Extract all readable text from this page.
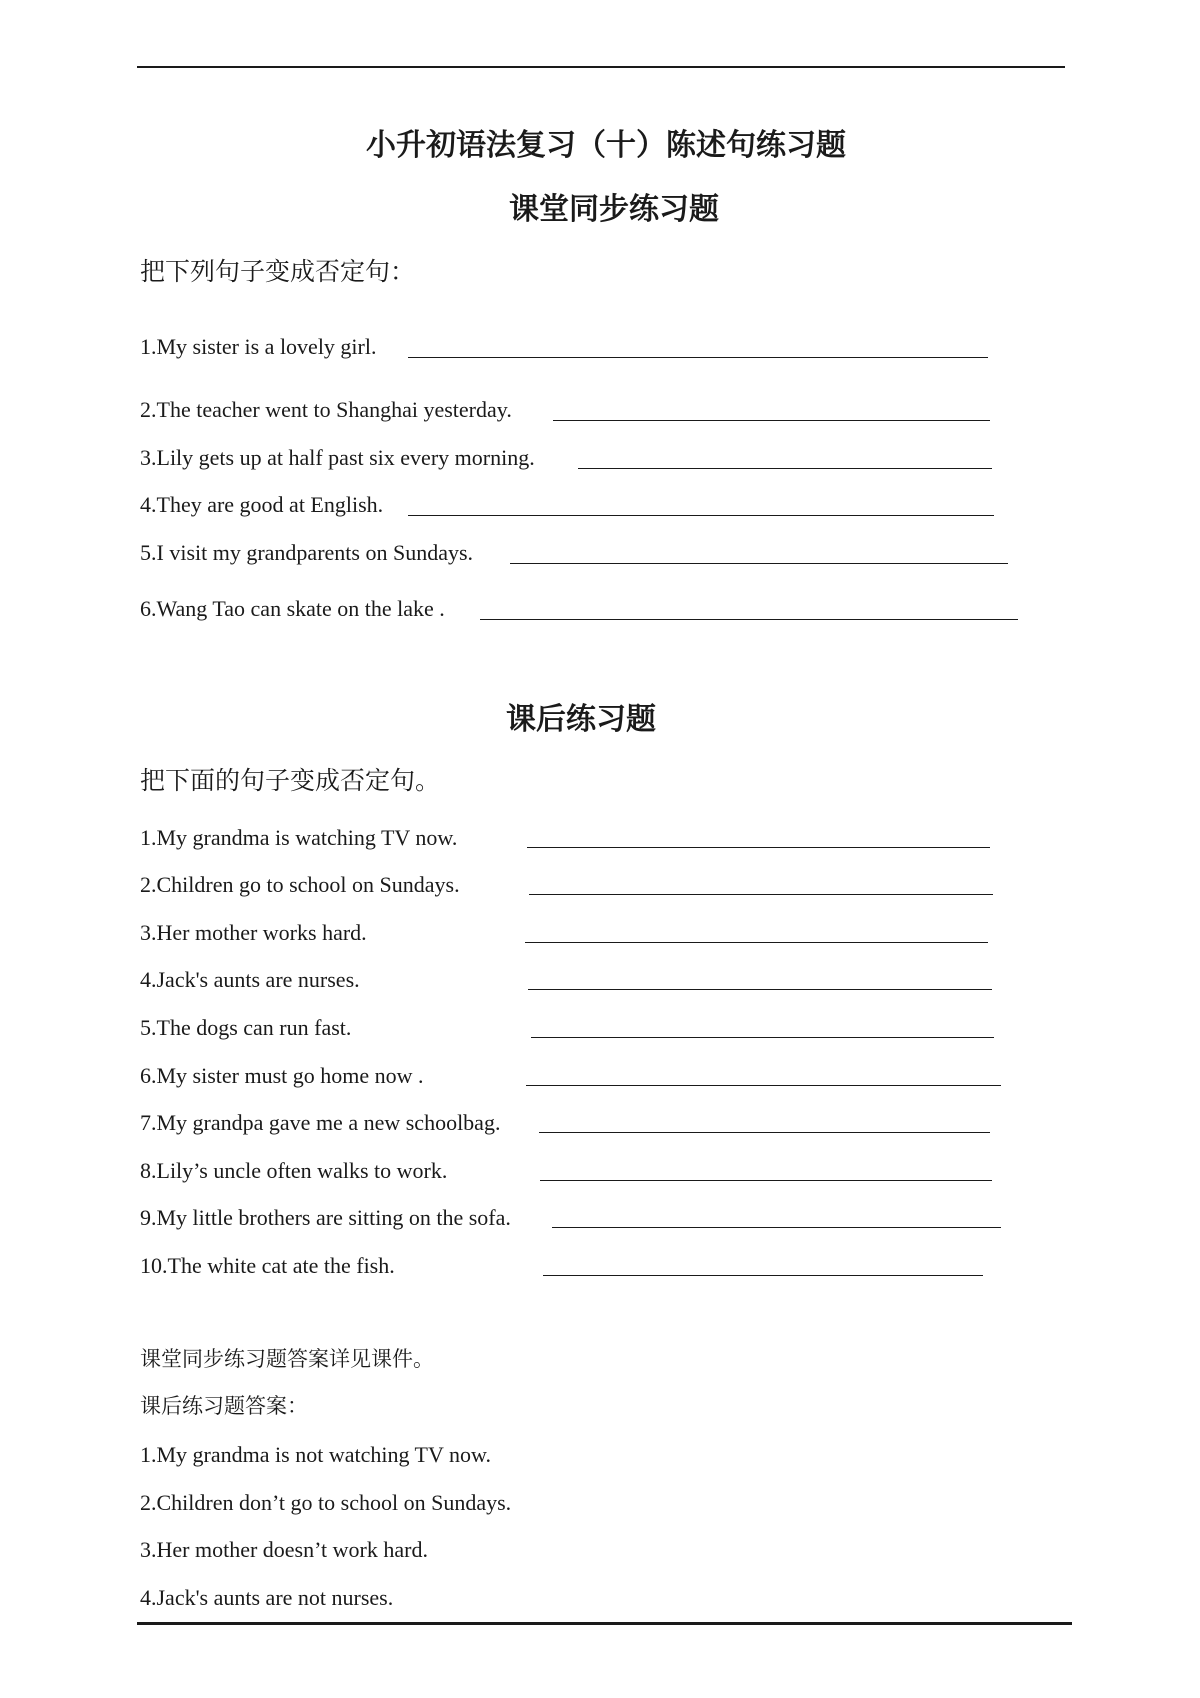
小升初语法复习（十）陈述句练习题
课堂同步练习题
把下列句子变成否定句：
1.My sister is a lovely girl.
2.The teacher went to Shanghai yesterday.
3.Lily gets up at half past six every morning.
4.They are good at English.
5.I visit my grandparents on Sundays.
6.Wang Tao can skate on the lake .
课后练习题
把下面的句子变成否定句。
1.My grandma is watching TV now.
2.Children go to school on Sundays.
3.Her mother works hard.
4.Jack's aunts are nurses.
5.The dogs can run fast.
6.My sister must go home now .
7.My grandpa gave me a new schoolbag.
8.Lily’s uncle often walks to work.
9.My little brothers are sitting on the sofa.
10.The white cat ate the fish.
课堂同步练习题答案详见课件。
课后练习题答案：
1.My grandma is not watching TV now.
2.Children don’t go to school on Sundays.
3.Her mother doesn’t work hard.
4.Jack's aunts are not nurses.
